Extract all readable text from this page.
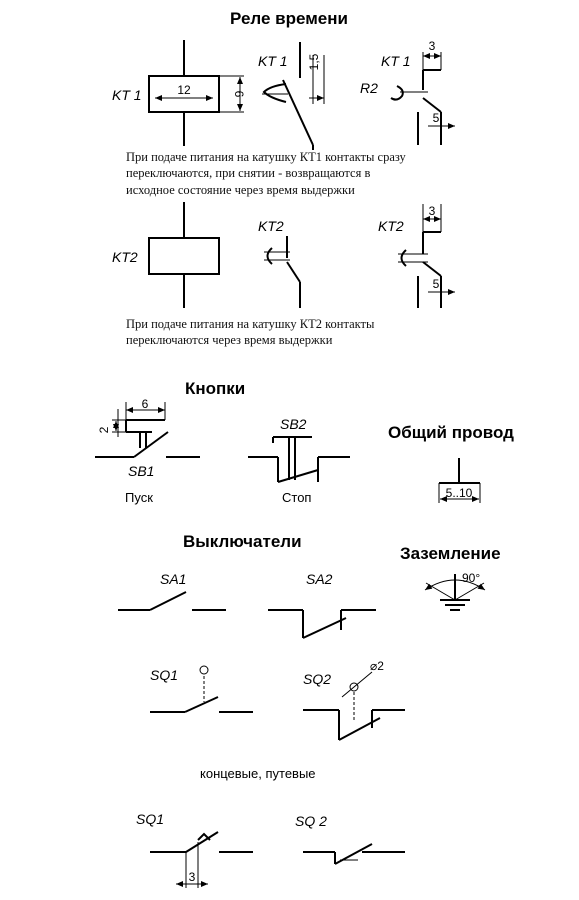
Реле времени
Кнопки
Общий провод
Выключатели
Заземление
KT 1	12	6
KT 1 1,5	KT 1
R2
3
5
При подаче питания на катушку КТ1 контакты сразу
переключаются, при снятии - возвращаются в
исходное состояние через время выдержки
KT2
KT2	KT2
3
5
При подаче питания на катушку КТ2 контакты
переключаются через время выдержки
6
2
SB1
Пуск
SB2
Стоп	5..10
90°
SA1	SA2
SQ1	SQ2
⌀2
концевые, путевые
SQ1
3
SQ 2
